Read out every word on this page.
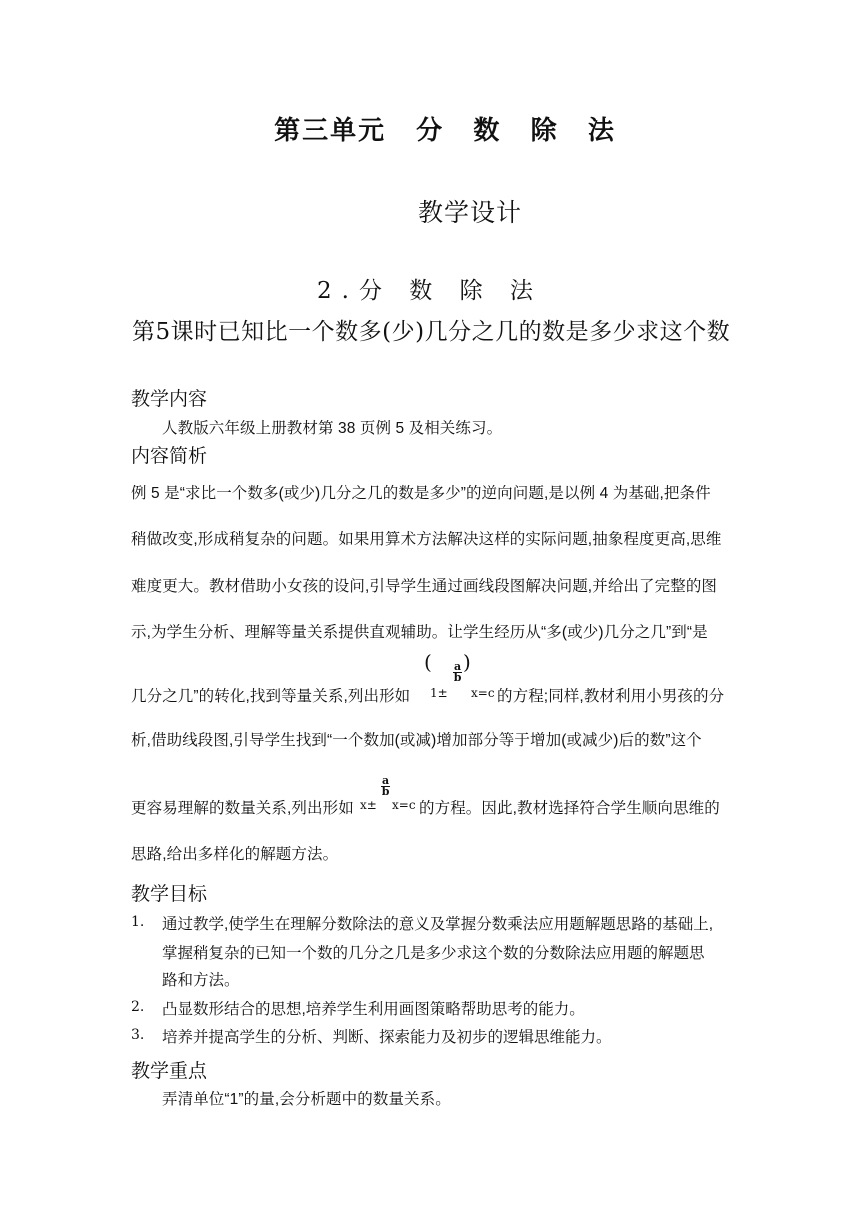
第三单元 分 数 除 法
教学设计
2.分 数 除 法
第5课时已知比一个数多(少)几分之几的数是多少求这个数
教学内容
人教版六年级上册教材第 38 页例 5 及相关练习。
内容简析
例 5 是“求比一个数多(或少)几分之几的数是多少”的逆向问题,是以例 4 为基础,把条件
稍做改变,形成稍复杂的问题。如果用算术方法解决这样的实际问题,抽象程度更高,思维
难度更大。教材借助小女孩的设问,引导学生通过画线段图解决问题,并给出了完整的图
示,为学生分析、理解等量关系提供直观辅助。让学生经历从“多(或少)几分之几”到“是
几分之几”的转化,找到等量关系,列出形如
(
1±
$\frac{a}{b}$ )
x=c 的方程;同样,教材利用小男孩的分
析,借助线段图,引导学生找到“一个数加(或减)增加部分等于增加(或减少)后的数”这个
更容易理解的数量关系,列出形如 x±
$\frac{a}{b}$
x=c 的方程。因此,教材选择符合学生顺向思维的
思路,给出多样化的解题方法。
教学目标
1. 通过教学,使学生在理解分数除法的意义及掌握分数乘法应用题解题思路的基础上,
掌握稍复杂的已知一个数的几分之几是多少求这个数的分数除法应用题的解题思
路和方法。
2. 凸显数形结合的思想,培养学生利用画图策略帮助思考的能力。
3. 培养并提高学生的分析、判断、探索能力及初步的逻辑思维能力。
教学重点
弄清单位“1”的量,会分析题中的数量关系。
